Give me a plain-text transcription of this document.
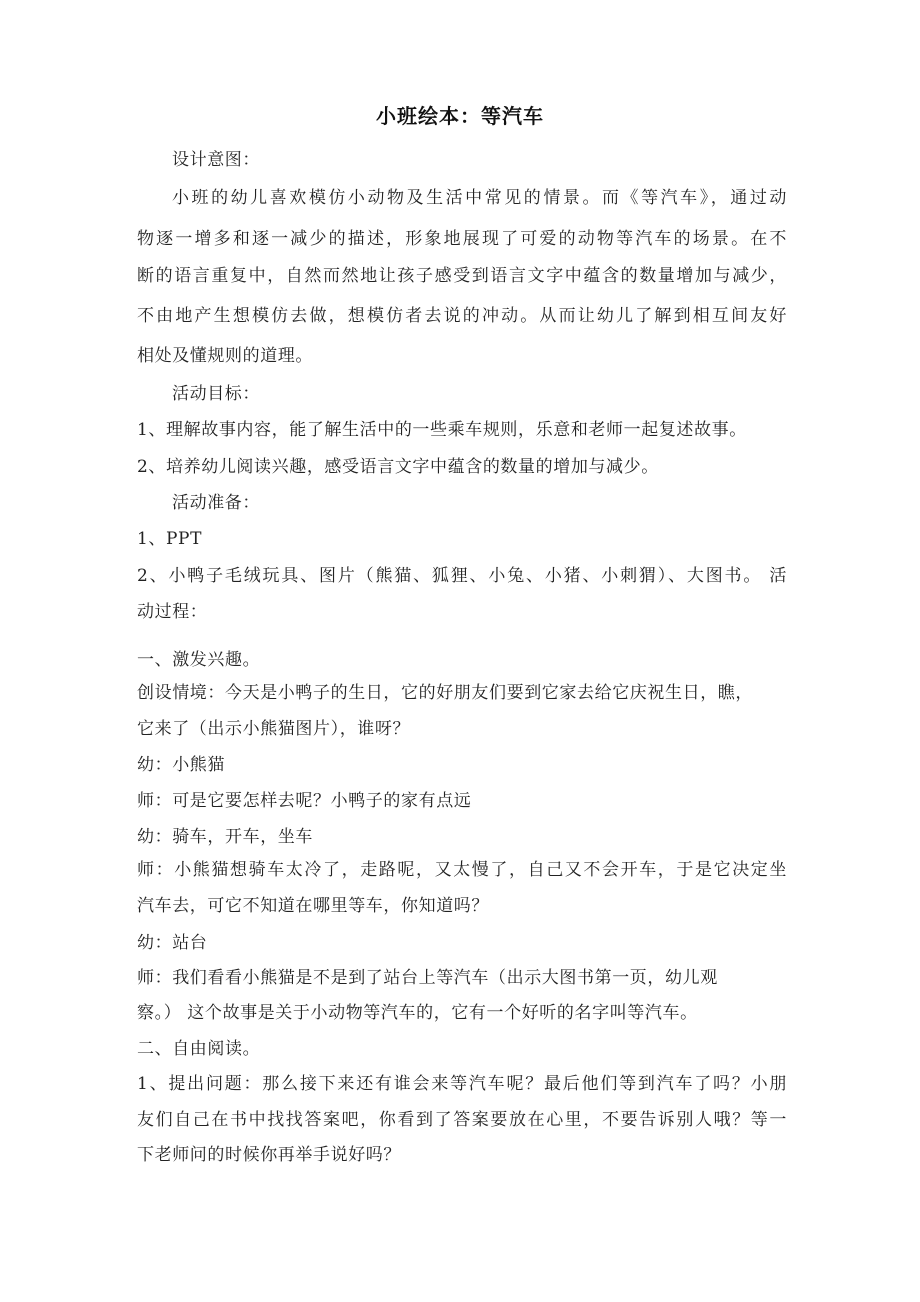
小班绘本：等汽车
设计意图：
小班的幼儿喜欢模仿小动物及生活中常见的情景。而《等汽车》，通过动
物逐一增多和逐一减少的描述，形象地展现了可爱的动物等汽车的场景。在不
断的语言重复中，自然而然地让孩子感受到语言文字中蕴含的数量增加与减少，
不由地产生想模仿去做，想模仿者去说的冲动。从而让幼儿了解到相互间友好
相处及懂规则的道理。
活动目标：
1、理解故事内容，能了解生活中的一些乘车规则，乐意和老师一起复述故事。
2、培养幼儿阅读兴趣，感受语言文字中蕴含的数量的增加与减少。
活动准备：
1、PPT
2、小鸭子毛绒玩具、图片（熊猫、狐狸、小兔、小猪、小刺猬）、大图书。 活
动过程：
一、激发兴趣。
创设情境：今天是小鸭子的生日，它的好朋友们要到它家去给它庆祝生日，瞧，
它来了（出示小熊猫图片），谁呀？
幼：小熊猫
师：可是它要怎样去呢？小鸭子的家有点远
幼：骑车，开车，坐车
师：小熊猫想骑车太冷了，走路呢，又太慢了，自己又不会开车，于是它决定坐
汽车去，可它不知道在哪里等车，你知道吗？
幼：站台
师：我们看看小熊猫是不是到了站台上等汽车（出示大图书第一页，幼儿观
察。） 这个故事是关于小动物等汽车的，它有一个好听的名字叫等汽车。
二、自由阅读。
1、提出问题：那么接下来还有谁会来等汽车呢？最后他们等到汽车了吗？小朋
友们自己在书中找找答案吧，你看到了答案要放在心里，不要告诉别人哦？等一
下老师问的时候你再举手说好吗？
